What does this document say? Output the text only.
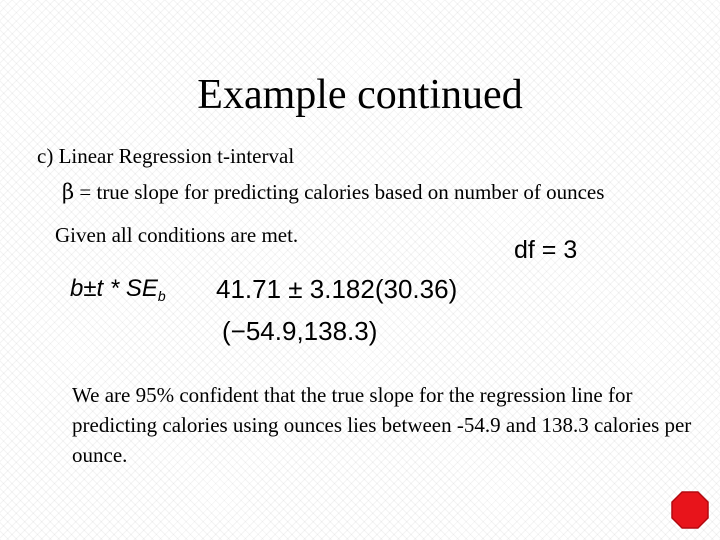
Example continued
c) Linear Regression t-interval
β = true slope for predicting calories based on number of ounces
Given all conditions are met.
df = 3
$b\pm t * SE_b$ 41.71 ± 3.182(30.36)
(−54.9,138.3)
We are 95% confident that the true slope for the regression line for predicting calories using ounces lies between -54.9 and 138.3 calories per ounce.
